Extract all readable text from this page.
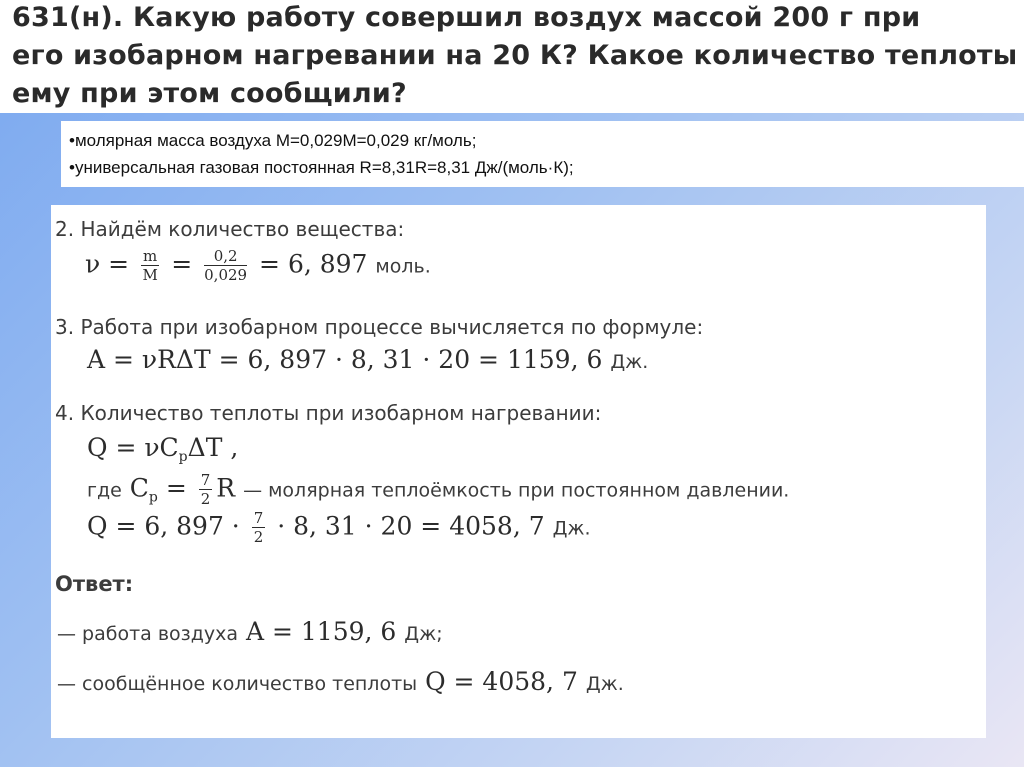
631(н). Какую работу совершил воздух массой 200 г при

его изобарном нагревании на 20 К? Какое количество теплоты

ему при этом сообщили?

•молярная масса воздуха M=0,029M=0,029 кг/моль;
•универсальная газовая постоянная R=8,31R=8,31 Дж/(моль·К);
2. Найдём количество вещества:
$\nu = \frac{m}{M} = \frac{0,2}{0,029} = 6$, 897 моль.
3. Работа при изобарном процессе вычисляется по формуле:
A = νRΔT = 6, 897 · 8, 31 · 20 = 1159, 6 Дж.
4. Количество теплоты при изобарном нагревании:
$Q = \nu C_p\Delta T$ ,
где $C_p = \frac{7}{2}$ R — молярная теплоёмкость при постоянном давлении.
Q = 6, $897 \cdot \frac{7}{2} \cdot 8$, 31 · 20 = 4058, 7 Дж.
Ответ:
— работа воздуха A = 1159, 6 Дж;
— сообщённое количество теплоты Q = 4058, 7 Дж.
